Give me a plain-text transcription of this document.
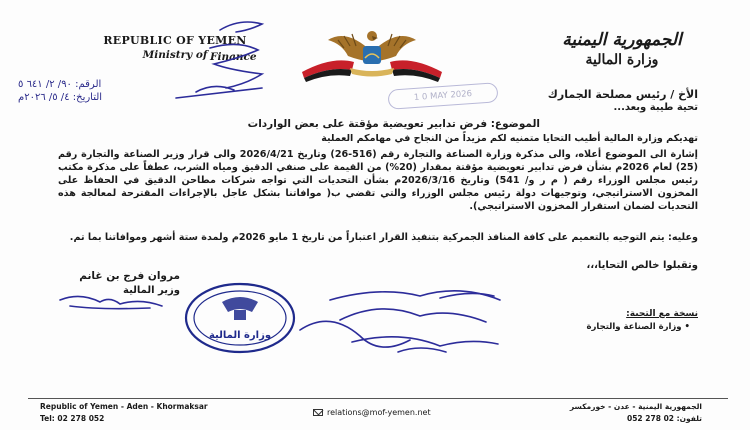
REPUBLIC OF YEMEN
Ministry of Finance
الجمهورية اليمنية
وزارة المالية
الرقم: ٩٠/ ٢/ ٦٤١ ٥
التاريخ: ٤/ ٥/ ٢٠٢٦م	1 0 MAY 2026	الأخ / رئيس مصلحة الجمارك
تحية طيبة وبعد...
الموضوع: فرض تدابير تعويضية مؤقتة على بعض الواردات
تهديكم وزارة المالية أطيب التحايا متمنيه لكم مزيداً من النجاح في مهامكم العملية
إشارة الى الموضوع أعلاه، والى مذكرة وزارة الصناعة والتجارة رقم (516-26) وتاريخ 2026/4/21 والى قرار وزير الصناعة والتجارة رقم (25) لعام 2026م بشأن فرض تدابير تعويضية مؤقتة بمقدار (20%) من القيمة على صنفي الدقيق ومياه الشرب، عطفاً على مذكرة مكتب رئيس مجلس الوزراء رقم ( م ر و/ 541) وتاريخ 2026/3/16م بشأن التحديات التي تواجه شركات مطاحن الدقيق في الحفاظ على المخزون الاستراتيجي، وتوجيهات دولة رئيس مجلس الوزراء والتي تقضي ب( موافاتنا بشكل عاجل بالإجراءات المقترحة لمعالجة هذه التحديات لضمان استقرار المخزون الاستراتيجي).
وعليه: يتم التوجيه بالتعميم على كافة المنافذ الجمركية بتنفيذ القرار اعتباراً من تاريخ 1 مايو 2026م ولمدة ستة أشهر وموافاتنا بما تم.
وتقبلوا خالص التحايا،،،
مروان فرج بن غانم
وزير المالية
نسخة مع التحية:
• وزارة الصناعة والتجارة
وزارة المالية
Republic of Yemen - Aden - Khormaksar
Tel: 02 278 052
relations@mof-yemen.net
الجمهورية اليمنية - عدن - خورمكسر
تلفون: 02 278 052
